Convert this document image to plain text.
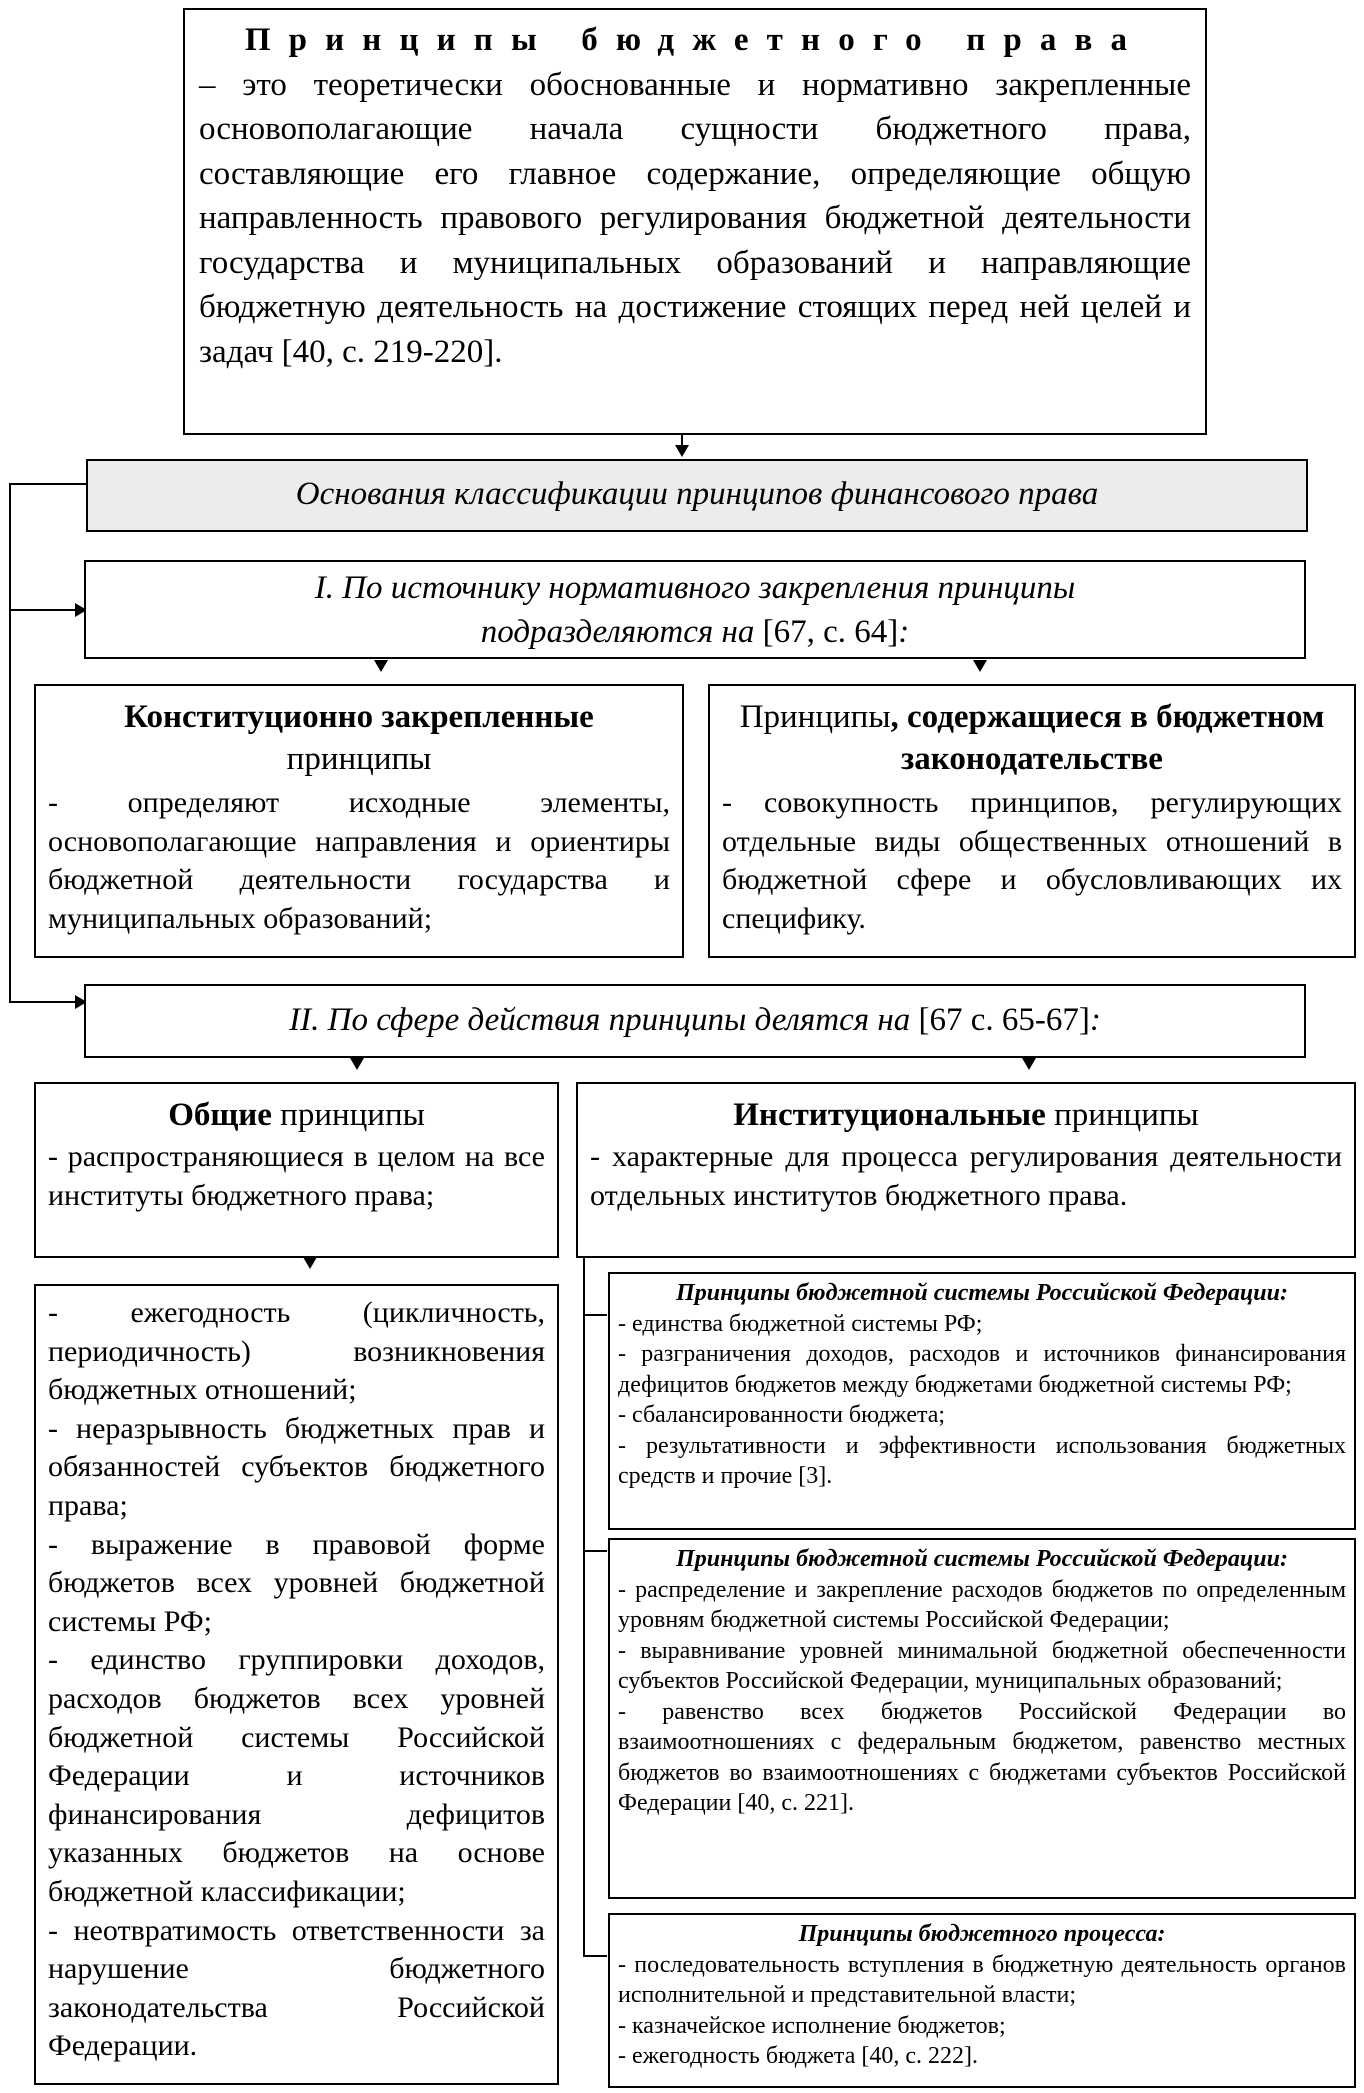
Принципы бюджетного права
– это теоретически обоснованные и нормативно закрепленные основополагающие начала сущности бюджетного права, составляющие его главное содержание, определяющие общую направленность правового регулирования бюджетной деятельности государства и муниципальных образований и направляющие бюджетную деятельность на достижение стоящих перед ней целей и задач [40, с. 219-220].
Основания классификации принципов финансового права
I. По источнику нормативного закрепления принципы
подразделяются на [67, с. 64]:
Конституционно закрепленные
принципы
- определяют исходные элементы, основополагающие направления и ориентиры бюджетной деятельности государства и муниципальных образований;
Принципы, содержащиеся в бюджетном законодательстве
- совокупность принципов, регулирующих отдельные виды общественных отношений в бюджетной сфере и обусловливающих их специфику.
II. По сфере действия принципы делятся на [67 с. 65-67]:
Общие принципы
- распространяющиеся в целом на все институты бюджетного права;
Институциональные принципы
- характерные для процесса регулирования деятельности отдельных институтов бюджетного права.

- ежегодность (цикличность, периодичность) возникновения бюджетных отношений;

- неразрывность бюджетных прав и обязанностей субъектов бюджетного права;

- выражение в правовой форме бюджетов всех уровней бюджетной системы РФ;

- единство группировки доходов, расходов бюджетов всех уровней бюджетной системы Российской Федерации и источников финансирования дефицитов указанных бюджетов на основе бюджетной классификации;

- неотвратимость ответственности за нарушение бюджетного законодательства Российской Федерации.

Принципы бюджетной системы Российской Федерации:

- единства бюджетной системы РФ;

- разграничения доходов, расходов и источников финансирования дефицитов бюджетов между бюджетами бюджетной системы РФ;

- сбалансированности бюджета;

- результативности и эффективности использования бюджетных средств и прочие [3].

Принципы бюджетной системы Российской Федерации:

- распределение и закрепление расходов бюджетов по определенным уровням бюджетной системы Российской Федерации;

- выравнивание уровней минимальной бюджетной обеспеченности субъектов Российской Федерации, муниципальных образований;

- равенство всех бюджетов Российской Федерации во взаимоотношениях с федеральным бюджетом, равенство местных бюджетов во взаимоотношениях с бюджетами субъектов Российской Федерации [40, с. 221].

Принципы бюджетного процесса:

- последовательность вступления в бюджетную деятельность органов исполнительной и представительной власти;

- казначейское исполнение бюджетов;

- ежегодность бюджета [40, с. 222].
